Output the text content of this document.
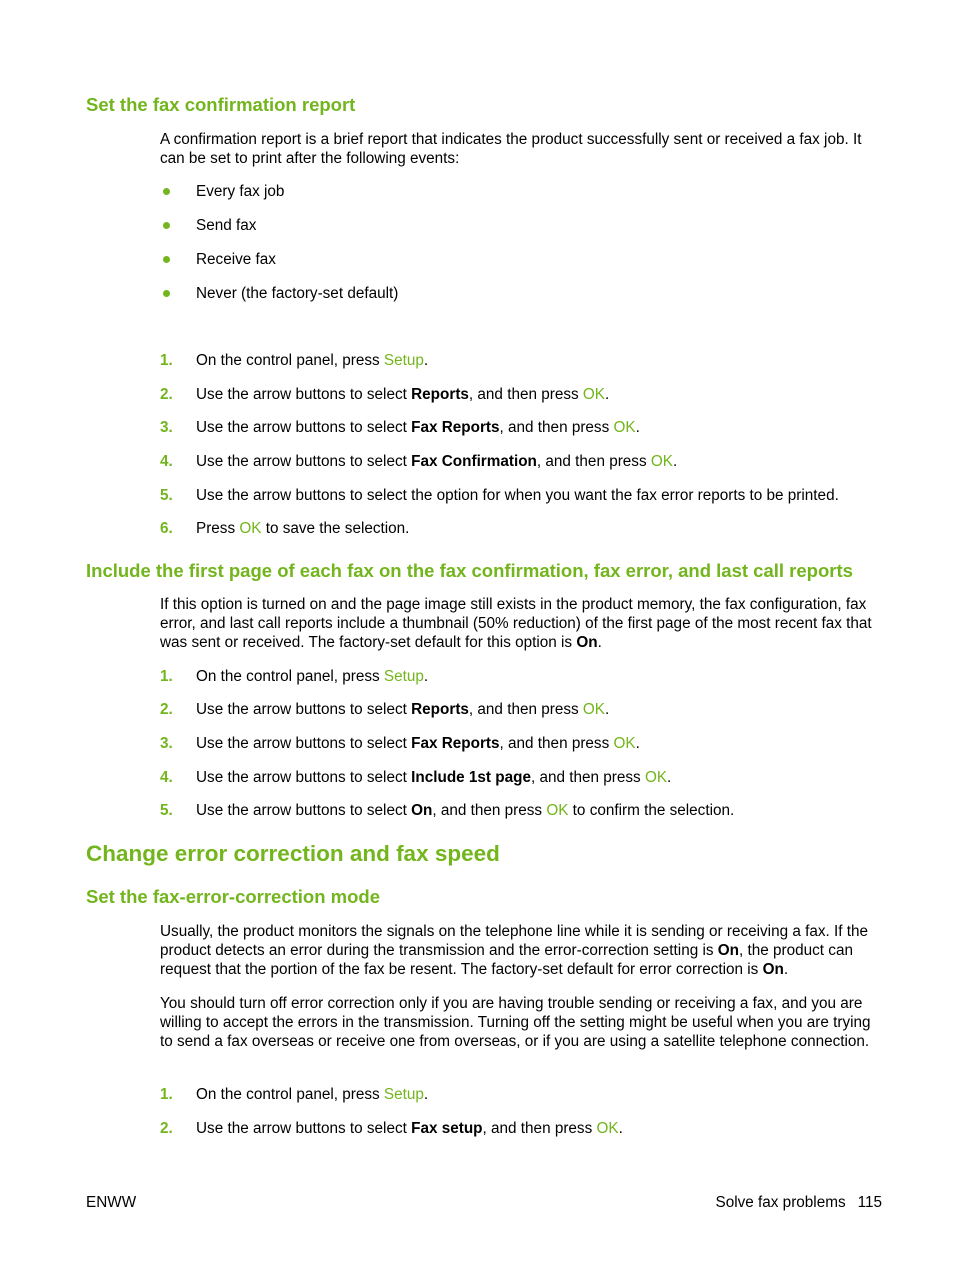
Set the fax confirmation report

A confirmation report is a brief report that indicates the product successfully sent or received a fax job. It can be set to print after the following events:

Every fax job
Send fax
Receive fax
Never (the factory-set default)
1. On the control panel, press Setup.
2. Use the arrow buttons to select Reports, and then press OK.
3. Use the arrow buttons to select Fax Reports, and then press OK.
4. Use the arrow buttons to select Fax Confirmation, and then press OK.
5. Use the arrow buttons to select the option for when you want the fax error reports to be printed.
6. Press OK to save the selection.
Include the first page of each fax on the fax confirmation, fax error, and last call reports

If this option is turned on and the page image still exists in the product memory, the fax configuration, fax error, and last call reports include a thumbnail (50% reduction) of the first page of the most recent fax that was sent or received. The factory-set default for this option is On.

1. On the control panel, press Setup.
2. Use the arrow buttons to select Reports, and then press OK.
3. Use the arrow buttons to select Fax Reports, and then press OK.
4. Use the arrow buttons to select Include 1st page, and then press OK.
5. Use the arrow buttons to select On, and then press OK to confirm the selection.
Change error correction and fax speed
Set the fax-error-correction mode

Usually, the product monitors the signals on the telephone line while it is sending or receiving a fax. If the product detects an error during the transmission and the error-correction setting is On, the product can request that the portion of the fax be resent. The factory-set default for error correction is On.

You should turn off error correction only if you are having trouble sending or receiving a fax, and you are willing to accept the errors in the transmission. Turning off the setting might be useful when you are trying to send a fax overseas or receive one from overseas, or if you are using a satellite telephone connection.

1. On the control panel, press Setup.
2. Use the arrow buttons to select Fax setup, and then press OK.
ENWW	Solve fax problems 115
